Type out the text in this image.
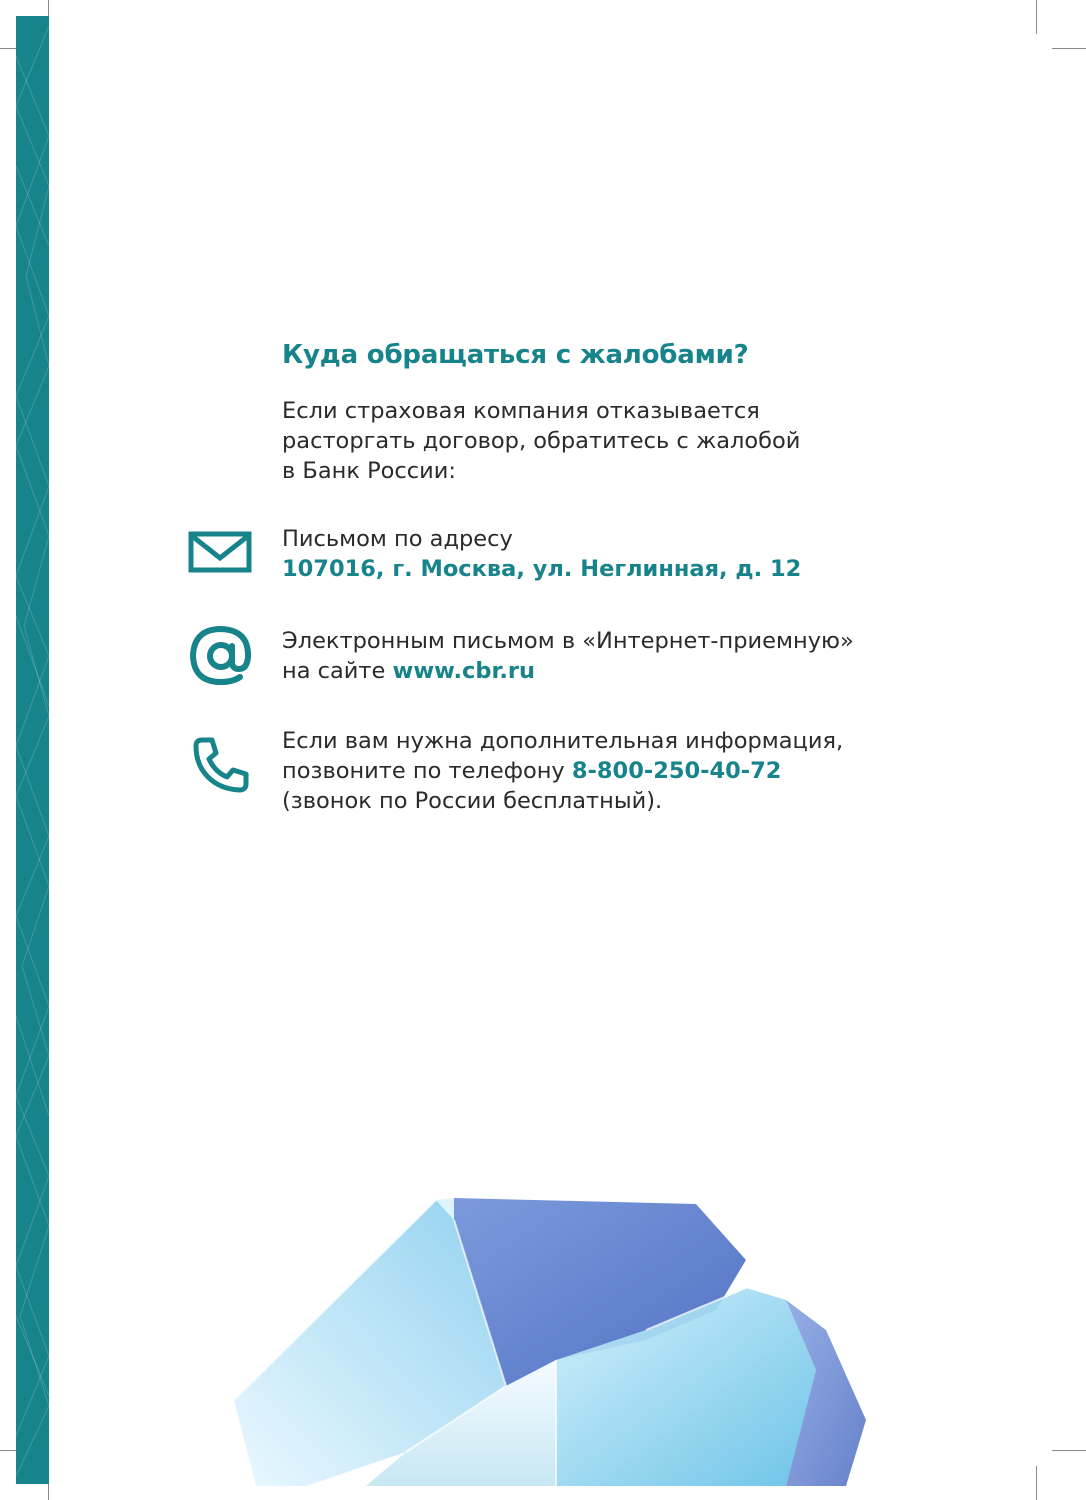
Куда обращаться с жалобами?

Если страховая компания отказывается
расторгать договор, обратитесь с жалобой
в Банк России:

Письмом по адресу
107016, г. Москва, ул. Неглинная, д. 12
Электронным письмом в «Интернет-приемную»
на сайте www.cbr.ru
Если вам нужна дополнительная информация,
позвоните по телефону 8-800-250-40-72
(звонок по России бесплатный).
